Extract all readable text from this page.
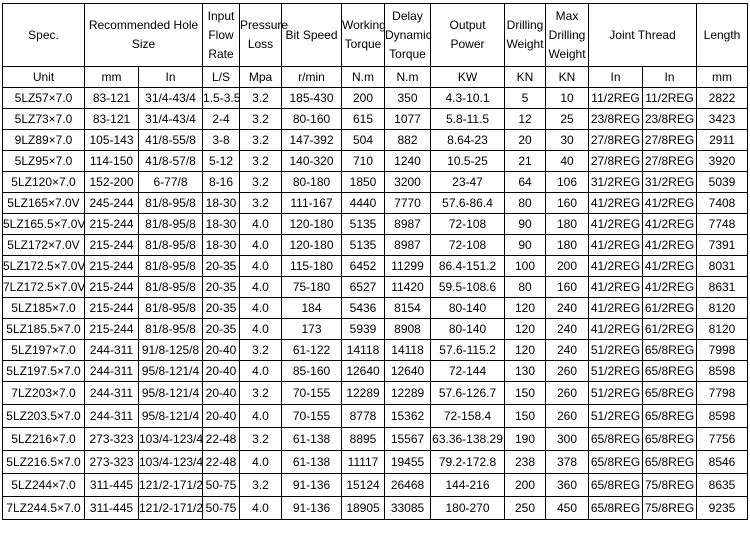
Spec.	Recommended Hole Size		Input Flow Rate	Pressure Loss	Bit Speed	Working Torque	Delay Dynamic Torque	Output Power	Drilling Weight	Max Drilling Weight	Joint Thread		Length
Unit	mm	In	L/S	Mpa	r/min	N.m	N.m	KW	KN	KN	In	In	mm
5LZ57×7.0	83-121	31/4-43/4	1.5-3.5	3.2	185-430	200	350	4.3-10.1	5	10	11/2REG	11/2REG	2822
5LZ73×7.0	83-121	31/4-43/4	2-4	3.2	80-160	615	1077	5.8-11.5	12	25	23/8REG	23/8REG	3423
9LZ89×7.0	105-143	41/8-55/8	3-8	3.2	147-392	504	882	8.64-23	20	30	27/8REG	27/8REG	2911
5LZ95×7.0	114-150	41/8-57/8	5-12	3.2	140-320	710	1240	10.5-25	21	40	27/8REG	27/8REG	3920
5LZ120×7.0	152-200	6-77/8	8-16	3.2	80-180	1850	3200	23-47	64	106	31/2REG	31/2REG	5039
5LZ165×7.0V	245-244	81/8-95/8	18-30	3.2	111-167	4440	7770	57.6-86.4	80	160	41/2REG	41/2REG	7408
5LZ165.5×7.0V	215-244	81/8-95/8	18-30	4.0	120-180	5135	8987	72-108	90	180	41/2REG	41/2REG	7748
5LZ172×7.0V	215-244	81/8-95/8	18-30	4.0	120-180	5135	8987	72-108	90	180	41/2REG	41/2REG	7391
5LZ172.5×7.0V	215-244	81/8-95/8	20-35	4.0	115-180	6452	11299	86.4-151.2	100	200	41/2REG	41/2REG	8031
7LZ172.5×7.0V	215-244	81/8-95/8	20-35	4.0	75-180	6527	11420	59.5-108.6	80	160	41/2REG	41/2REG	8631
5LZ185×7.0	215-244	81/8-95/8	20-35	4.0	184	5436	8154	80-140	120	240	41/2REG	61/2REG	8120
5LZ185.5×7.0	215-244	81/8-95/8	20-35	4.0	173	5939	8908	80-140	120	240	41/2REG	61/2REG	8120
5LZ197×7.0	244-311	91/8-125/8	20-40	3.2	61-122	14118	14118	57.6-115.2	120	240	51/2REG	65/8REG	7998
5LZ197.5×7.0	244-311	95/8-121/4	20-40	4.0	85-160	12640	12640	72-144	130	260	51/2REG	65/8REG	8598
7LZ203×7.0	244-311	95/8-121/4	20-40	3.2	70-155	12289	12289	57.6-126.7	150	260	51/2REG	65/8REG	7798
5LZ203.5×7.0	244-311	95/8-121/4	20-40	4.0	70-155	8778	15362	72-158.4	150	260	51/2REG	65/8REG	8598
5LZ216×7.0	273-323	103/4-123/4	22-48	3.2	61-138	8895	15567	63.36-138.29	190	300	65/8REG	65/8REG	7756
5LZ216.5×7.0	273-323	103/4-123/4	22-48	4.0	61-138	11117	19455	79.2-172.8	238	378	65/8REG	65/8REG	8546
5LZ244×7.0	311-445	121/2-171/2	50-75	3.2	91-136	15124	26468	144-216	200	360	65/8REG	75/8REG	8635
7LZ244.5×7.0	311-445	121/2-171/2	50-75	4.0	91-136	18905	33085	180-270	250	450	65/8REG	75/8REG	9235
